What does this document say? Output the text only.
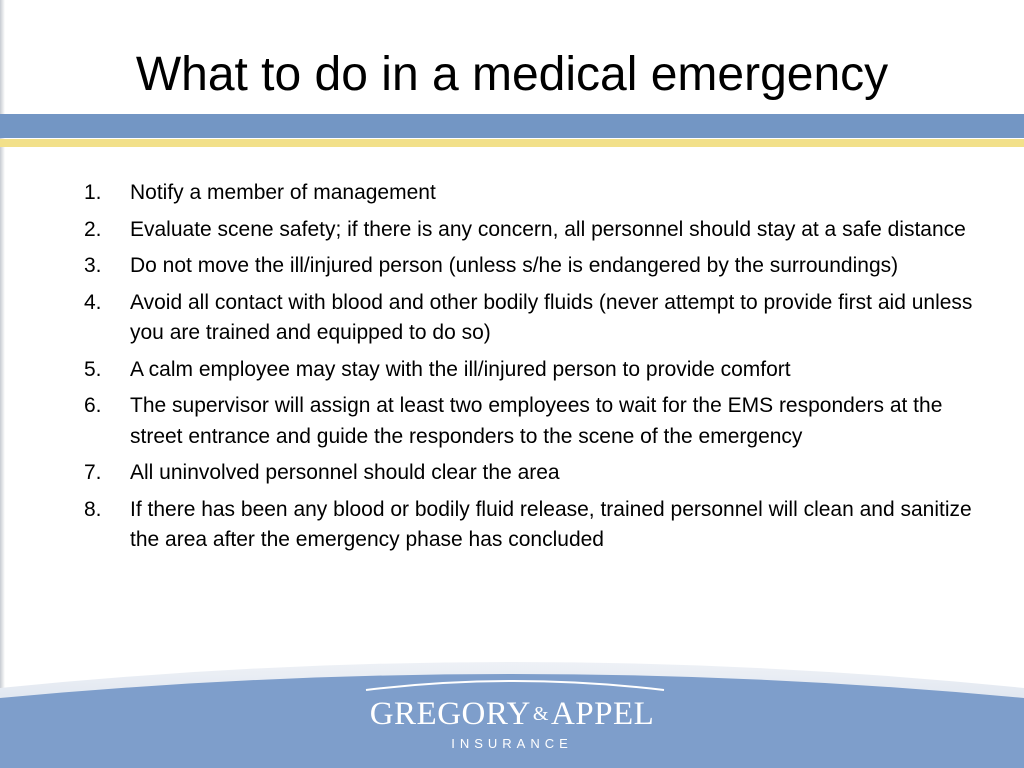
What to do in a medical emergency
1. Notify a member of management
2. Evaluate scene safety; if there is any concern, all personnel should stay at a safe distance
3. Do not move the ill/injured person (unless s/he is endangered by the surroundings)
4. Avoid all contact with blood and other bodily fluids (never attempt to provide first aid unless you are trained and equipped to do so)
5. A calm employee may stay with the ill/injured person to provide comfort
6. The supervisor will assign at least two employees to wait for the EMS responders at the street entrance and guide the responders to the scene of the emergency
7. All uninvolved personnel should clear the area
8. If there has been any blood or bodily fluid release, trained personnel will clean and sanitize the area after the emergency phase has concluded
GREGORY &APPEL
INSURANCE
